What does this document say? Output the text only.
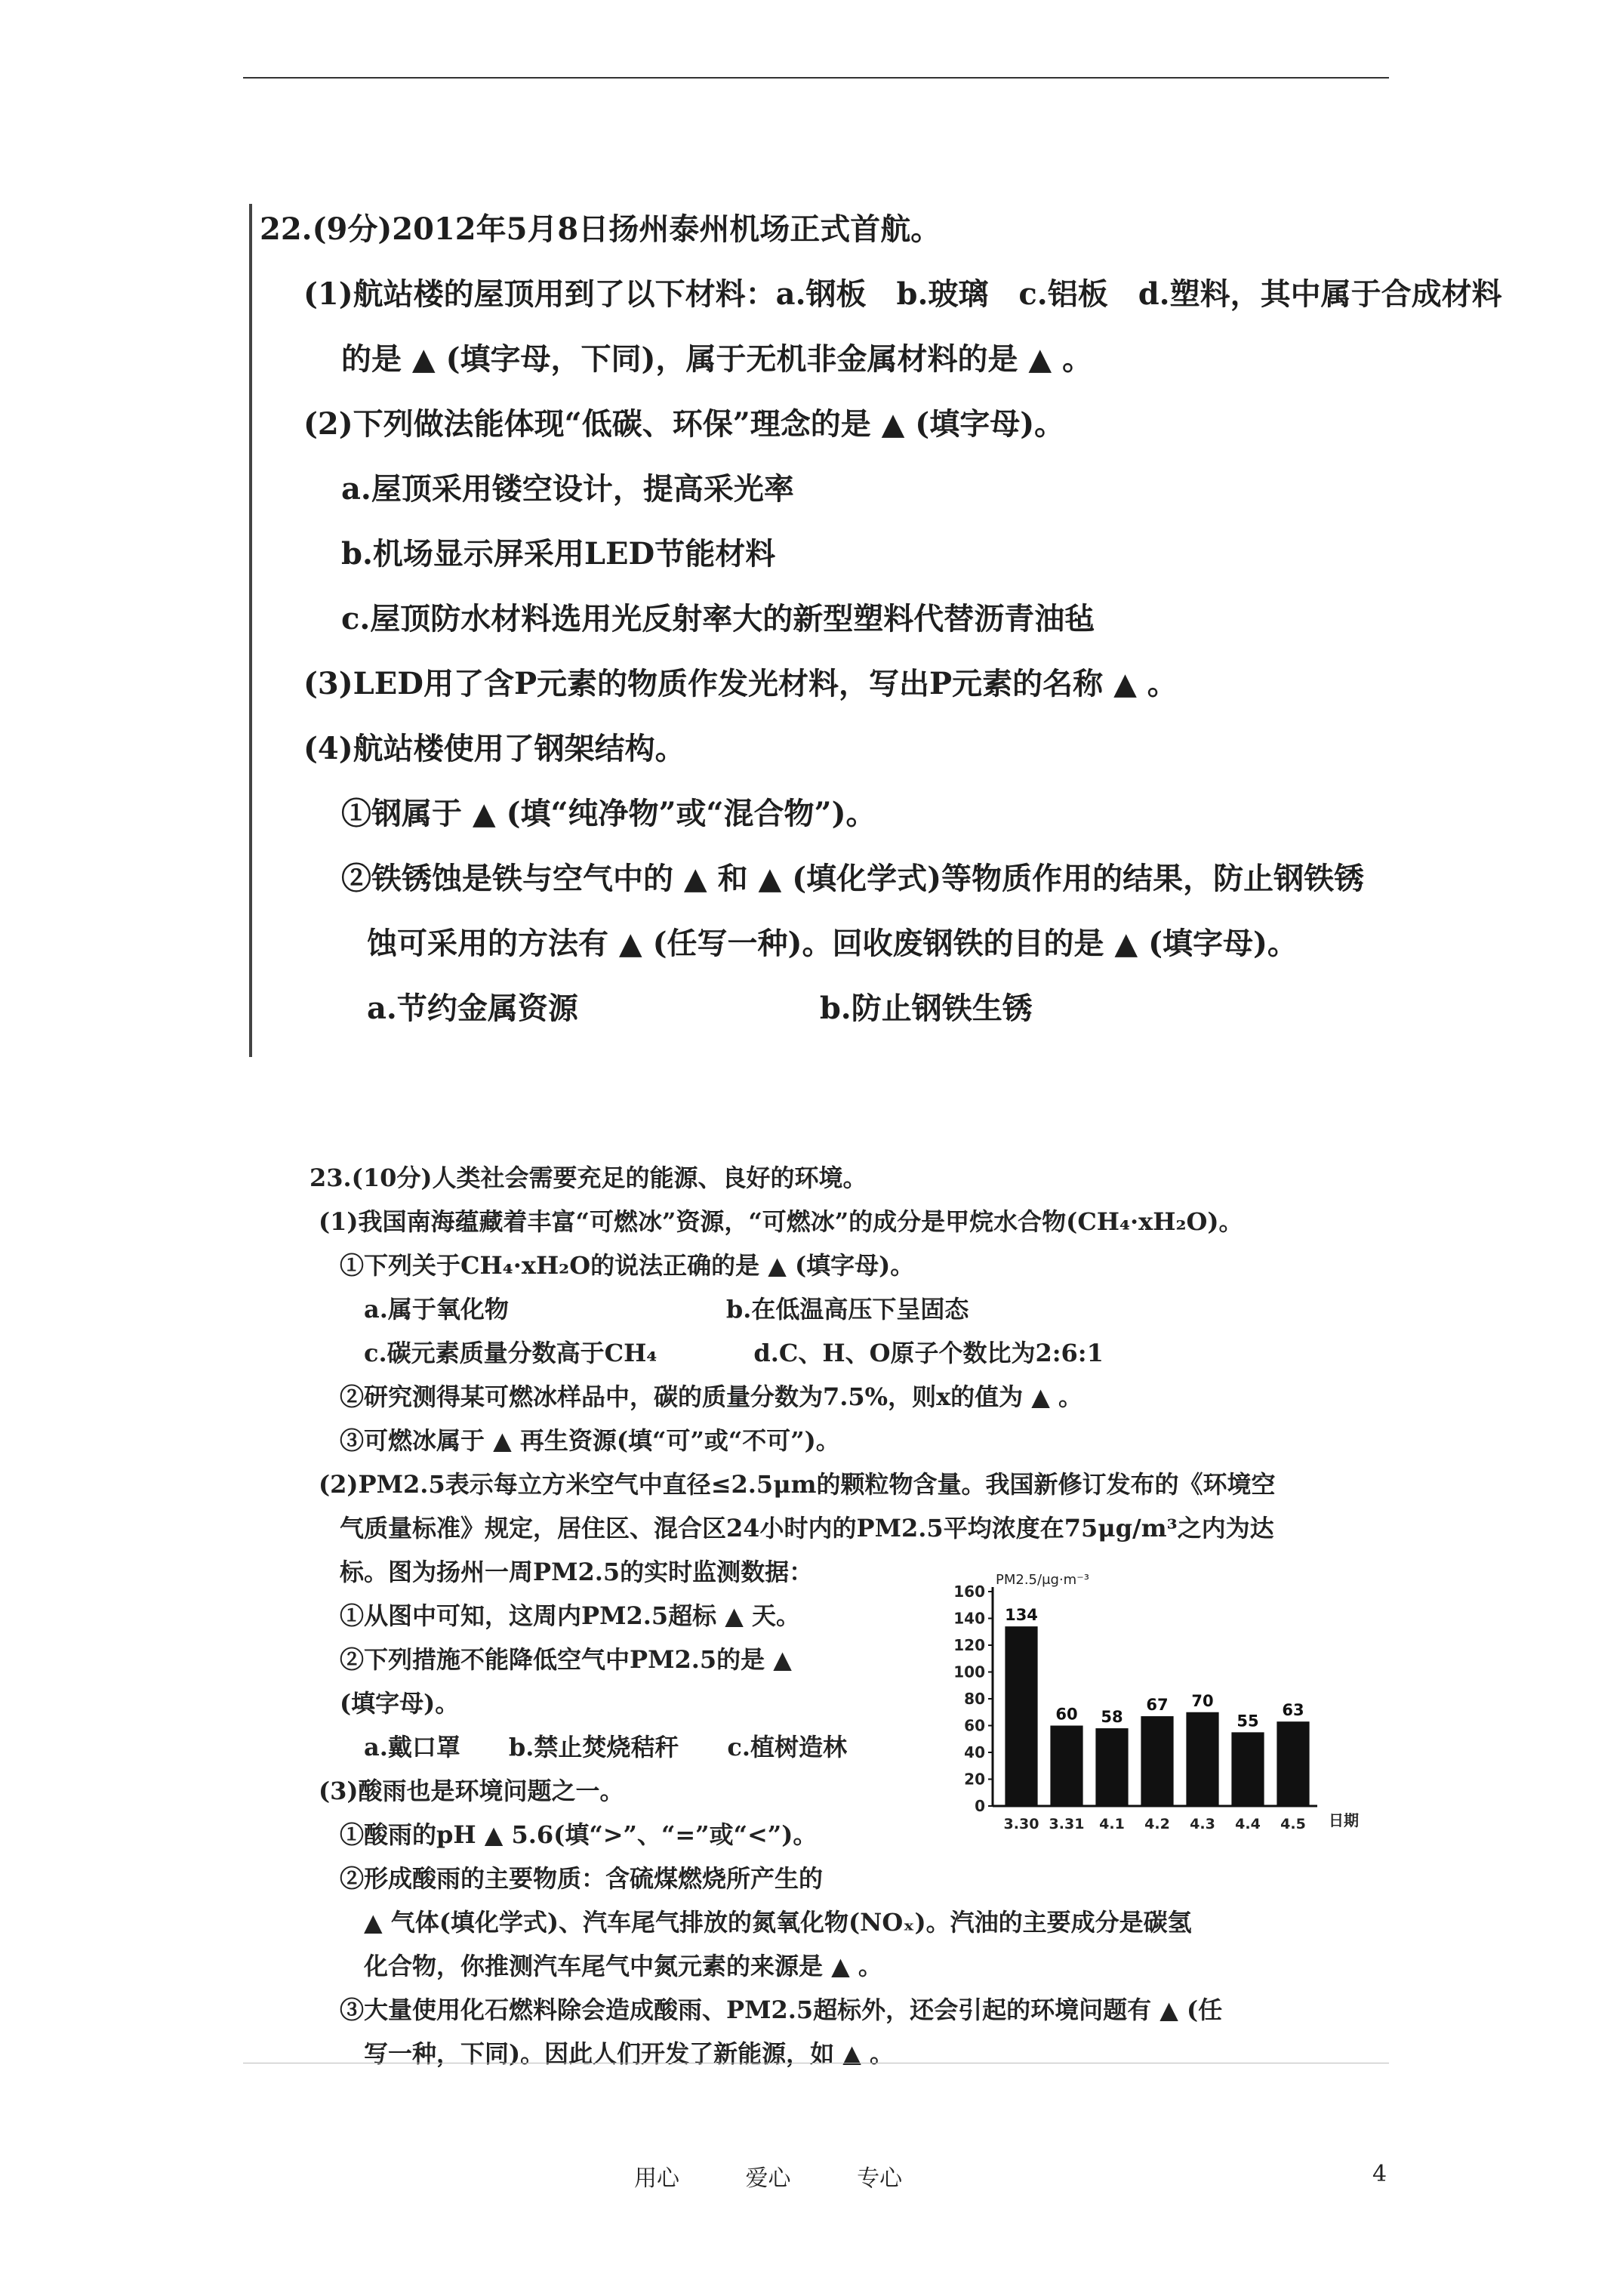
22.(9分)2012年5月8日扬州泰州机场正式首航。
(1)航站楼的屋顶用到了以下材料：a.钢板　b.玻璃　c.铝板　d.塑料，其中属于合成材料
的是 ▲ (填字母，下同)，属于无机非金属材料的是 ▲ 。
(2)下列做法能体现“低碳、环保”理念的是 ▲ (填字母)。
a.屋顶采用镂空设计，提高采光率
b.机场显示屏采用LED节能材料
c.屋顶防水材料选用光反射率大的新型塑料代替沥青油毡
(3)LED用了含P元素的物质作发光材料，写出P元素的名称 ▲ 。
(4)航站楼使用了钢架结构。
①钢属于 ▲ (填“纯净物”或“混合物”)。
②铁锈蚀是铁与空气中的 ▲ 和 ▲ (填化学式)等物质作用的结果，防止钢铁锈
蚀可采用的方法有 ▲ (任写一种)。回收废钢铁的目的是 ▲ (填字母)。
a.节约金属资源　　　　　　　　b.防止钢铁生锈
23.(10分)人类社会需要充足的能源、良好的环境。
(1)我国南海蕴藏着丰富“可燃冰”资源，“可燃冰”的成分是甲烷水合物(CH₄·xH₂O)。
①下列关于CH₄·xH₂O的说法正确的是 ▲ (填字母)。
a.属于氧化物　　　　　　　　　b.在低温高压下呈固态
c.碳元素质量分数高于CH₄　　　　d.C、H、O原子个数比为2:6:1
②研究测得某可燃冰样品中，碳的质量分数为7.5%，则x的值为 ▲ 。
③可燃冰属于 ▲ 再生资源(填“可”或“不可”)。
(2)PM2.5表示每立方米空气中直径≤2.5μm的颗粒物含量。我国新修订发布的《环境空
气质量标准》规定，居住区、混合区24小时内的PM2.5平均浓度在75μg/m³之内为达
标。图为扬州一周PM2.5的实时监测数据：
①从图中可知，这周内PM2.5超标 ▲ 天。
②下列措施不能降低空气中PM2.5的是 ▲
(填字母)。
a.戴口罩　　b.禁止焚烧秸秆　　c.植树造林
(3)酸雨也是环境问题之一。
①酸雨的pH ▲ 5.6(填“>”、“=”或“<”)。
②形成酸雨的主要物质：含硫煤燃烧所产生的
▲ 气体(填化学式)、汽车尾气排放的氮氧化物(NOₓ)。汽油的主要成分是碳氢
化合物，你推测汽车尾气中氮元素的来源是 ▲ 。
③大量使用化石燃料除会造成酸雨、PM2.5超标外，还会引起的环境问题有 ▲ (任
写一种，下同)。因此人们开发了新能源，如 ▲ 。
PM2.5/μg·m⁻³
日期
134
60 58
67 70
55
63
0
20
40
60
80
100
120
140
160
3.30 3.31 4.1 4.2 4.3 4.4 4.5
用心	爱心	专心	4
